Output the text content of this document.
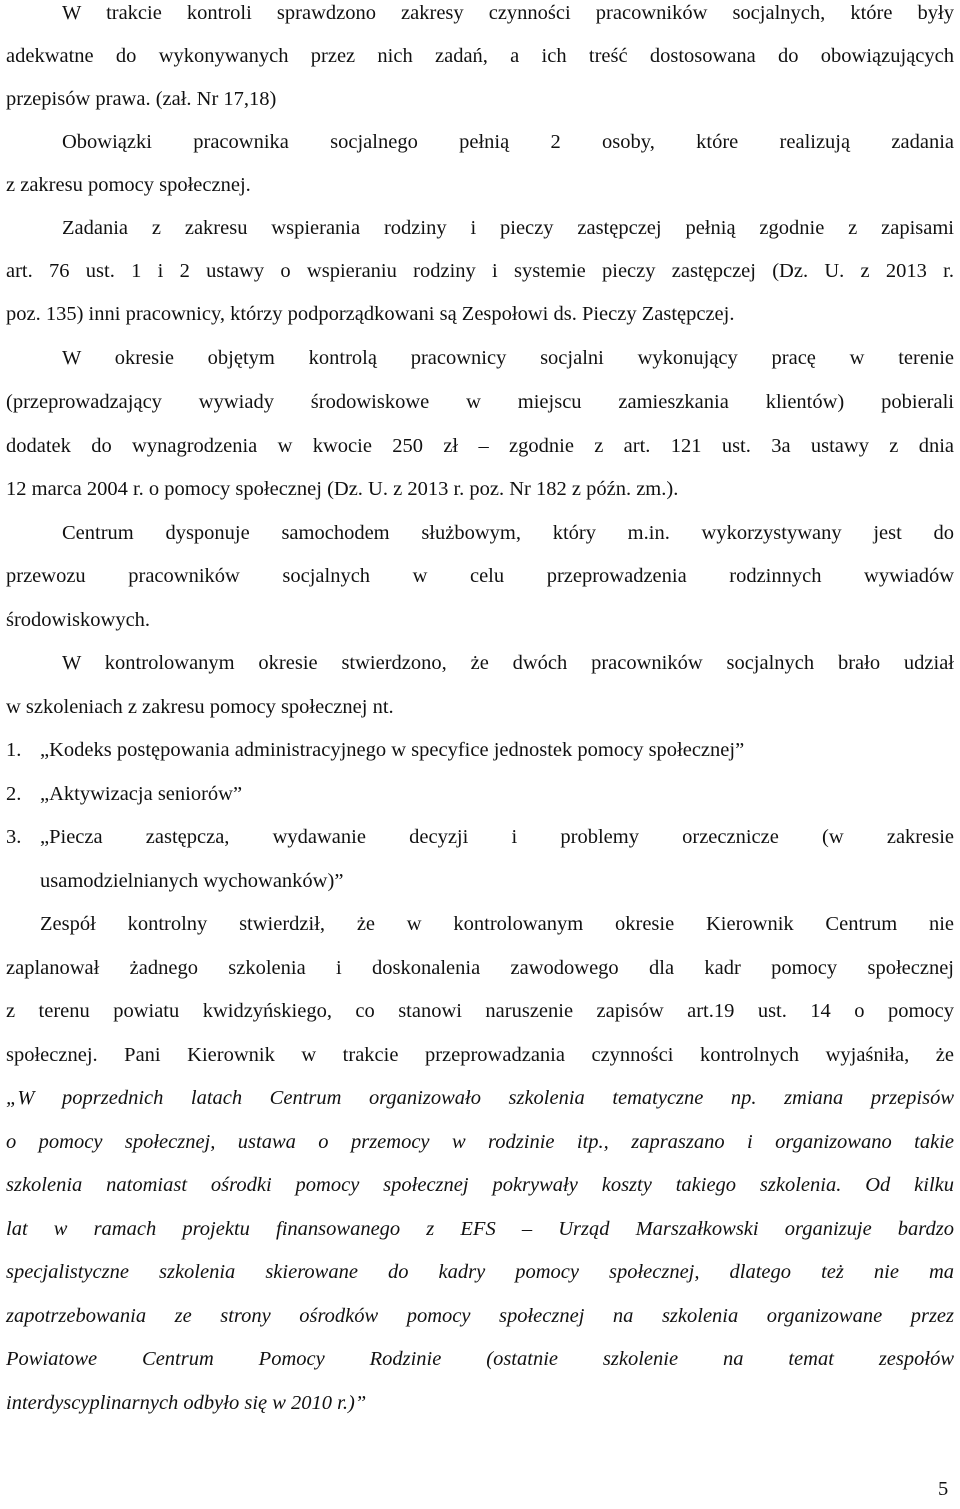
W trakcie kontroli sprawdzono zakresy czynności pracowników socjalnych, które były
adekwatne do wykonywanych przez nich zadań, a ich treść dostosowana do obowiązujących
przepisów prawa. (zał. Nr 17,18)
Obowiązki pracownika socjalnego pełnią 2 osoby, które realizują zadania
z zakresu pomocy społecznej.
Zadania z zakresu wspierania rodziny i pieczy zastępczej pełnią zgodnie z zapisami
art. 76 ust. 1 i 2 ustawy o wspieraniu rodziny i systemie pieczy zastępczej (Dz. U. z 2013 r.
poz. 135) inni pracownicy, którzy podporządkowani są Zespołowi ds. Pieczy Zastępczej.
W okresie objętym kontrolą pracownicy socjalni wykonujący pracę w terenie
(przeprowadzający wywiady środowiskowe w miejscu zamieszkania klientów) pobierali
dodatek do wynagrodzenia w kwocie 250 zł – zgodnie z art. 121 ust. 3a ustawy z dnia
12 marca 2004 r. o pomocy społecznej (Dz. U. z 2013 r. poz. Nr 182 z późn. zm.).
Centrum dysponuje samochodem służbowym, który m.in. wykorzystywany jest do
przewozu pracowników socjalnych w celu przeprowadzenia rodzinnych wywiadów
środowiskowych.
W kontrolowanym okresie stwierdzono, że dwóch pracowników socjalnych brało udział
w szkoleniach z zakresu pomocy społecznej nt.
1. „Kodeks postępowania administracyjnego w specyfice jednostek pomocy społecznej”
2. „Aktywizacja seniorów”
3. „Piecza zastępcza, wydawanie decyzji i problemy orzecznicze (w zakresie
usamodzielnianych wychowanków)”
Zespół kontrolny stwierdził, że w kontrolowanym okresie Kierownik Centrum nie
zaplanował żadnego szkolenia i doskonalenia zawodowego dla kadr pomocy społecznej
z terenu powiatu kwidzyńskiego, co stanowi naruszenie zapisów art.19 ust. 14 o pomocy
społecznej. Pani Kierownik w trakcie przeprowadzania czynności kontrolnych wyjaśniła, że
„W poprzednich latach Centrum organizowało szkolenia tematyczne np. zmiana przepisów
o pomocy społecznej, ustawa o przemocy w rodzinie itp., zapraszano i organizowano takie
szkolenia natomiast ośrodki pomocy społecznej pokrywały koszty takiego szkolenia. Od kilku
lat w ramach projektu finansowanego z EFS – Urząd Marszałkowski organizuje bardzo
specjalistyczne szkolenia skierowane do kadry pomocy społecznej, dlatego też nie ma
zapotrzebowania ze strony ośrodków pomocy społecznej na szkolenia organizowane przez
Powiatowe Centrum Pomocy Rodzinie (ostatnie szkolenie na temat zespołów
interdyscyplinarnych odbyło się w 2010 r.)”
5
